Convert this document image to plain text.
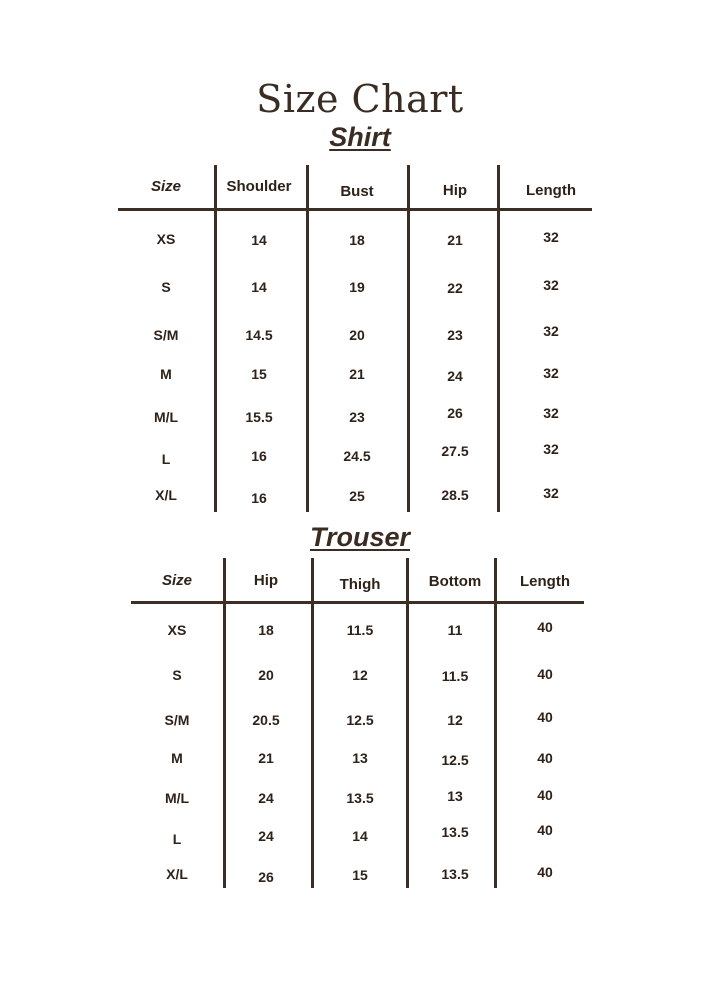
Size Chart
Shirt
Trouser
Size	Shoulder	Bust	Hip	Length
XS	14	18	21	32
S	14	19	22	32
S/M	14.5	20	23	32
M	15	21	24	32
M/L	15.5	23	26	32
L	16	24.5	27.5	32
X/L	16	25	28.5	32
Size	Hip	Thigh	Bottom	Length
XS	18	11.5	11	40
S	20	12	11.5	40
S/M	20.5	12.5	12	40
M	21	13	12.5	40
M/L	24	13.5	13	40
L	24	14	13.5	40
X/L	26	15	13.5	40
